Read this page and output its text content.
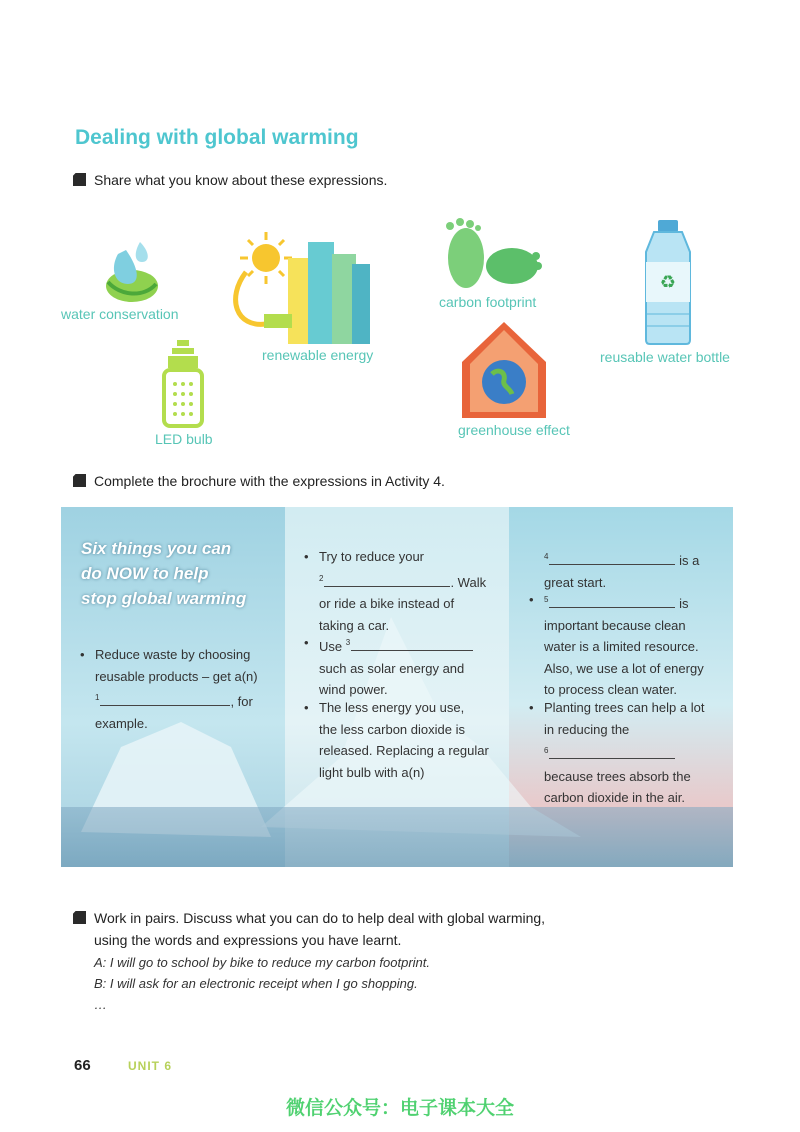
Dealing with global warming
Share what you know about these expressions.
water conservation
renewable energy
carbon footprint
♻
reusable water bottle
LED bulb
greenhouse effect
Complete the brochure with the expressions in Activity 4.
Six things you can
do NOW to help
stop global warming
• Reduce waste by choosing
reusable products – get a(n)
$^1$	, for
example.
• Try to reduce your
$^2$	. Walk
or ride a bike instead of
taking a car.
• Use $^3$
such as solar energy and
wind power.
• The less energy you use,
the less carbon dioxide is
released. Replacing a regular
light bulb with a(n)
$^4$	is a
great start.
• $^5$	is
important because clean
water is a limited resource.
Also, we use a lot of energy
to process clean water.
• Planting trees can help a lot
in reducing the
$^6$
because trees absorb the
carbon dioxide in the air.
Work in pairs. Discuss what you can do to help deal with global warming,
using the words and expressions you have learnt.
A: I will go to school by bike to reduce my carbon footprint.
B: I will ask for an electronic receipt when I go shopping.
…
66	UNIT 6
微信公众号：电子课本大全
